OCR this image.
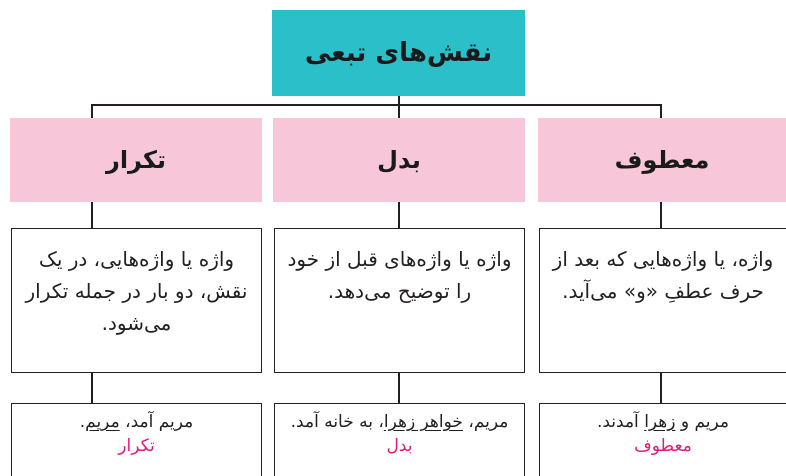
نقش‌های تبعی
تکرار	بدل	معطوف
واژه یا واژه‌هایی، در یک نقش، دو بار در جمله تکرار می‌شود.
واژه یا واژه‌های قبل از خود را توضیح می‌دهد.
واژه، یا واژه‌هایی که بعد از حرف عطفِ «و» می‌آید.
مریم آمد، مریم.
تکرار
مریم، خواهر زهرا، به خانه آمد.
بدل
مریم و زهرا آمدند.
معطوف
